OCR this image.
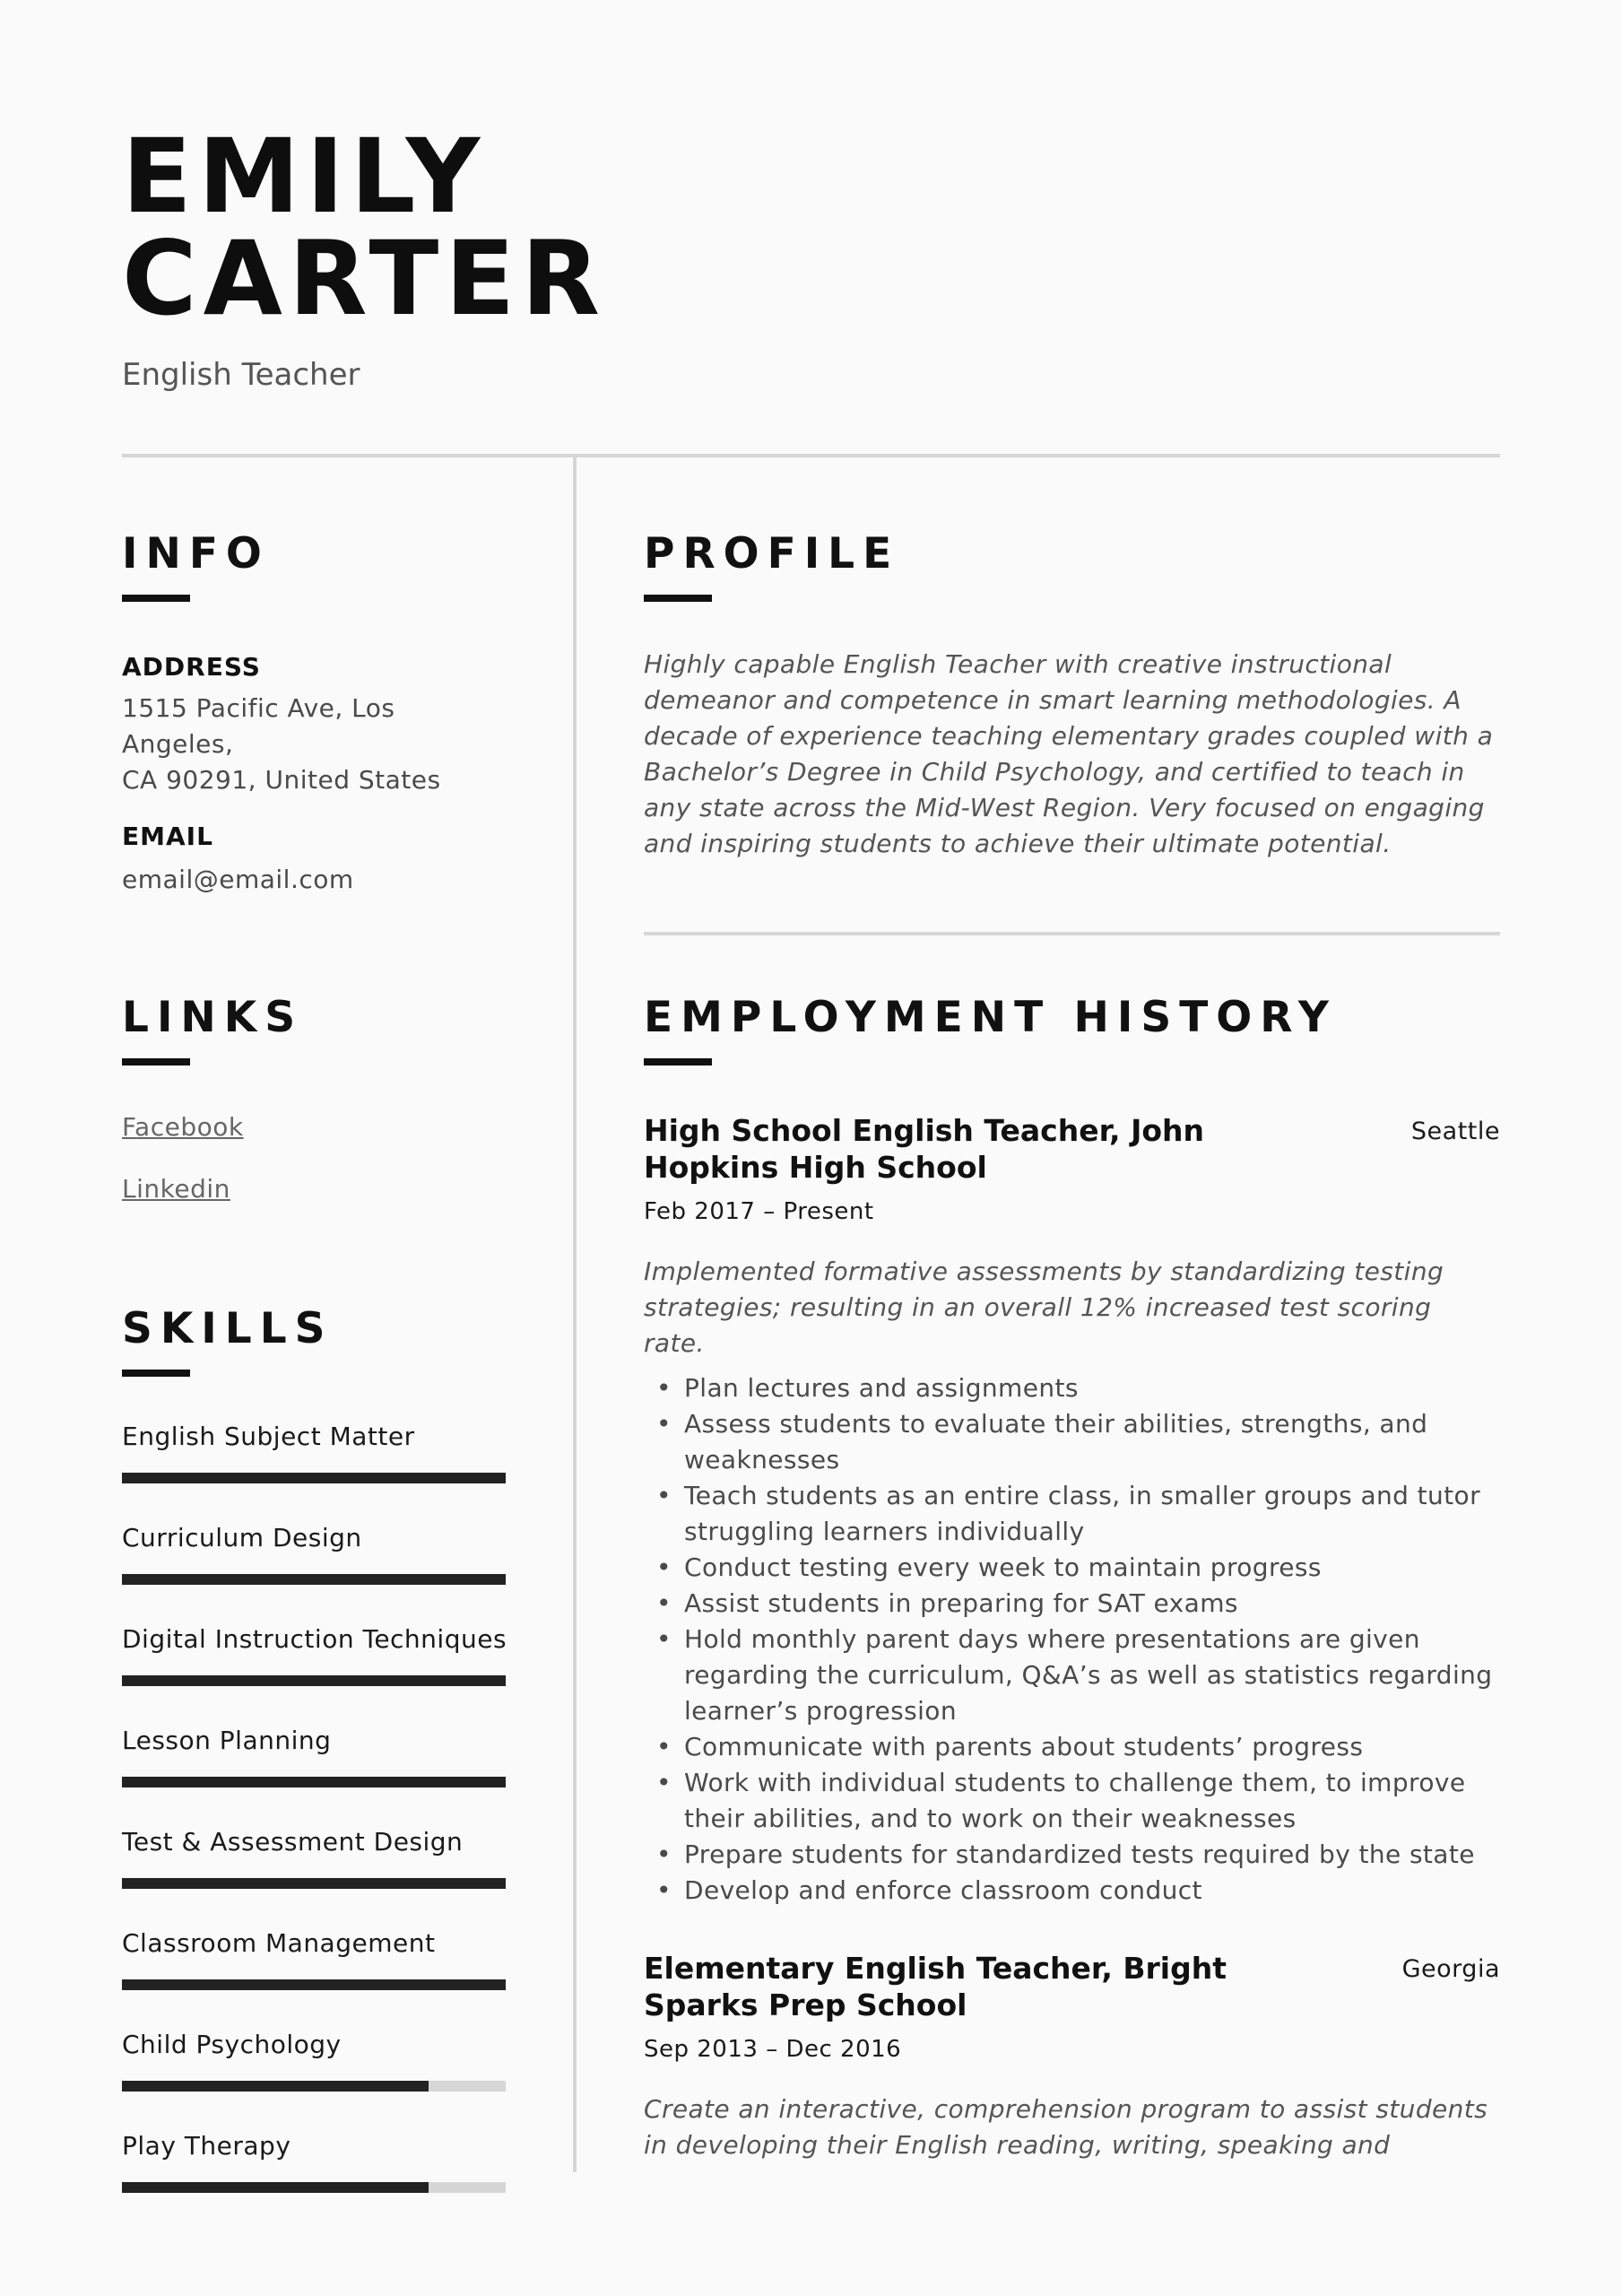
EMILY
CARTER
English Teacher
INFO
ADDRESS
1515 Pacific Ave, Los Angeles,
CA 90291, United States
EMAIL
email@email.com
LINKS
Facebook
Linkedin
SKILLS
English Subject Matter
Curriculum Design
Digital Instruction Techniques
Lesson Planning
Test & Assessment Design
Classroom Management
Child Psychology
Play Therapy
PROFILE
Highly capable English Teacher with creative instructional demeanor and competence in smart learning methodologies. A decade of experience teaching elementary grades coupled with a Bachelor’s Degree in Child Psychology, and certified to teach in any state across the Mid-West Region. Very focused on engaging and inspiring students to achieve their ultimate potential.
EMPLOYMENT HISTORY
High School English Teacher, John Hopkins High School
Seattle
Feb 2017 – Present
Implemented formative assessments by standardizing testing strategies; resulting in an overall 12% increased test scoring rate.
• Plan lectures and assignments
• Assess students to evaluate their abilities, strengths, and weaknesses
• Teach students as an entire class, in smaller groups and tutor struggling learners individually
• Conduct testing every week to maintain progress
• Assist students in preparing for SAT exams
• Hold monthly parent days where presentations are given regarding the curriculum, Q&A’s as well as statistics regarding learner’s progression
• Communicate with parents about students’ progress
• Work with individual students to challenge them, to improve their abilities, and to work on their weaknesses
• Prepare students for standardized tests required by the state
• Develop and enforce classroom conduct
Elementary English Teacher, Bright Sparks Prep School
Georgia
Sep 2013 – Dec 2016
Create an interactive, comprehension program to assist students in developing their English reading, writing, speaking and
